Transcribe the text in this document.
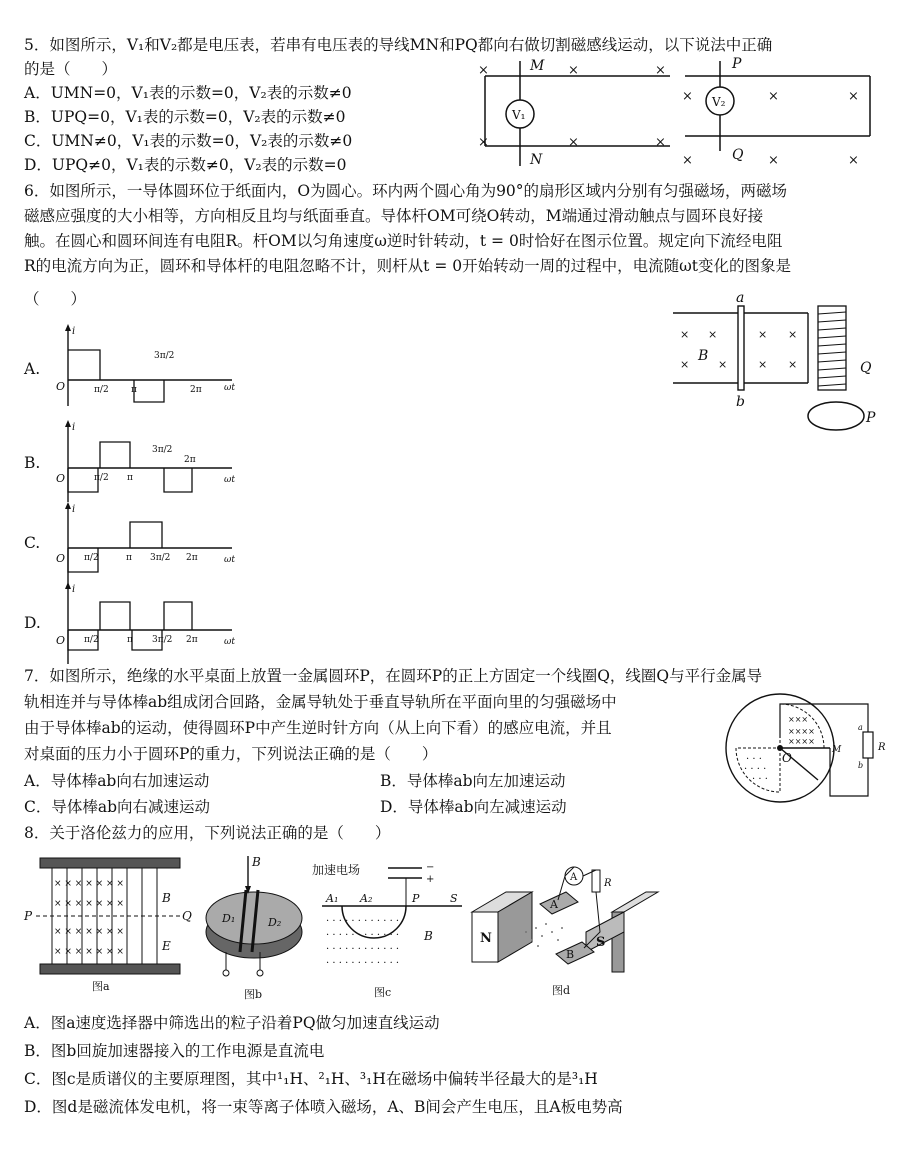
5．如图所示，V₁和V₂都是电压表，若串有电压表的导线MN和PQ都向右做切割磁感线运动，以下说法中正确
的是（　　）
A．UMN=0，V₁表的示数=0，V₂表的示数≠0
B．UPQ=0，V₁表的示数=0，V₂表的示数≠0
C．UMN≠0，V₁表的示数=0，V₂表的示数≠0
D．UPQ≠0，V₁表的示数≠0，V₂表的示数=0
V₁
M
N
×	×	×
×	×	×
V₂
P
Q
×	×	×
×	×	×
6．如图所示，一导体圆环位于纸面内，O为圆心。环内两个圆心角为90°的扇形区域内分别有匀强磁场，两磁场
磁感应强度的大小相等，方向相反且均与纸面垂直。导体杆OM可绕O转动，M端通过滑动触点与圆环良好接
触。在圆心和圆环间连有电阻R。杆OM以匀角速度ω逆时针转动，t = 0时恰好在图示位置。规定向下流经电阻
R的电流方向为正，圆环和导体杆的电阻忽略不计，则杆从t = 0开始转动一周的过程中，电流随ωt变化的图象是
（　　）
A.
i
O	ωt
π/2 π
3π/2
2π
B.
i
O	ωt
π/2 π
3π/2
2π
C.
i
O	ωt
π/2	π 3π/2 2π
D.
i
O	ωt
π/2	π 3π/2 2π
a
b
B
× ×
×	×
× ×
× ×	Q
P
7．如图所示，绝缘的水平桌面上放置一金属圆环P，在圆环P的正上方固定一个线圈Q，线圈Q与平行金属导
轨相连并与导体棒ab组成闭合回路，金属导轨处于垂直导轨所在平面向里的匀强磁场中
由于导体棒ab的运动，使得圆环P中产生逆时针方向（从上向下看）的感应电流，并且
对桌面的压力小于圆环P的重力，下列说法正确的是（　　）
A．导体棒ab向右加速运动	B．导体棒ab向左加速运动
C．导体棒ab向右减速运动	D．导体棒ab向左减速运动
×××
××××
××××
· · ·
· · · ·
· · ·
O
M	R
a
b
8．关于洛伦兹力的应用，下列说法正确的是（　　）
× × × × × × ×
× × × × × × ×
× × × × × × ×
× × × × × × ×
P	Q
B
E
图a
B
D₁	D₂
图b
加速电场	−
+
A₁ A₂	P	S
· · · · · · · · · · · ·
· · · · · · · · · · · ·
· · · · · · · · · · · ·
· · · · · · · · · · · ·
B
图c
N	S
A
B
A
R
图d
A．图a速度选择器中筛选出的粒子沿着PQ做匀加速直线运动
B．图b回旋加速器接入的工作电源是直流电
C．图c是质谱仪的主要原理图，其中¹₁H、²₁H、³₁H在磁场中偏转半径最大的是³₁H
D．图d是磁流体发电机，将一束等离子体喷入磁场，A、B间会产生电压，且A板电势高
